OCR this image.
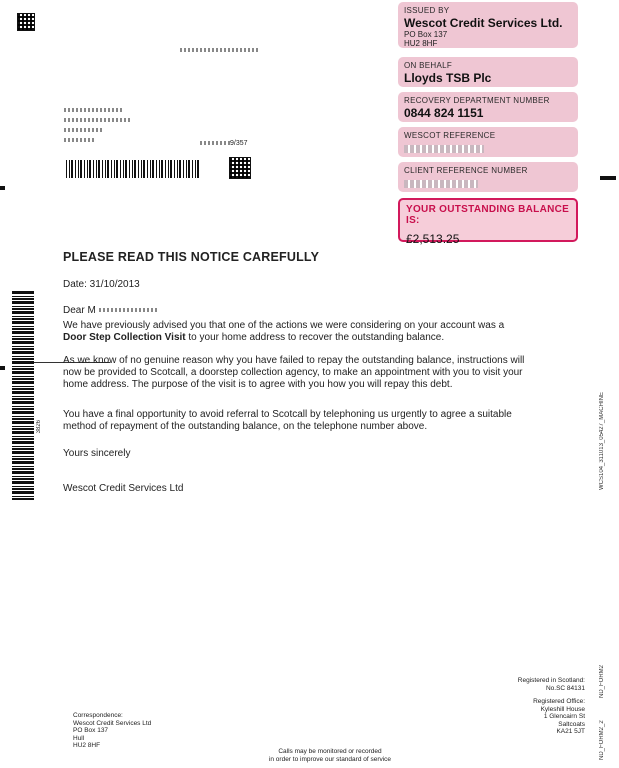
9/357
ISSUED BY
Wescot Credit Services Ltd.
PO Box 137
HU2 8HF
ON BEHALF
Lloyds TSB Plc
RECOVERY DEPARTMENT NUMBER
0844 824 1151
WESCOT REFERENCE
CLIENT REFERENCE NUMBER
YOUR OUTSTANDING BALANCE IS:
£2,513.25
PLEASE READ THIS NOTICE CAREFULLY
Date: 31/10/2013
Dear M
We have previously advised you that one of the actions we were considering on your account was a
Door Step Collection Visit to your home address to recover the outstanding balance.
As we know of no genuine reason why you have failed to repay the outstanding balance, instructions will
now be provided to Scotcall, a doorstep collection agency, to make an appointment with you to visit your
home address. The purpose of the visit is to agree with you how you will repay this debt.
You have a final opportunity to avoid referral to Scotcall by telephoning us urgently to agree a suitable
method of repayment of the outstanding balance, on the telephone number above.
Yours sincerely
Wescot Credit Services Ltd
3826	WCS104_311013_05427_MACHINE
ND_FORM2_2
ND_FORM2
Correspondence:
Wescot Credit Services Ltd
PO Box 137
Hull
HU2 8HF
Calls may be monitored or recorded
in order to improve our standard of service
Registered in Scotland:
No.SC 84131
Registered Office:
Kyleshill House
1 Glencairn St
Saltcoats
KA21 5JT
